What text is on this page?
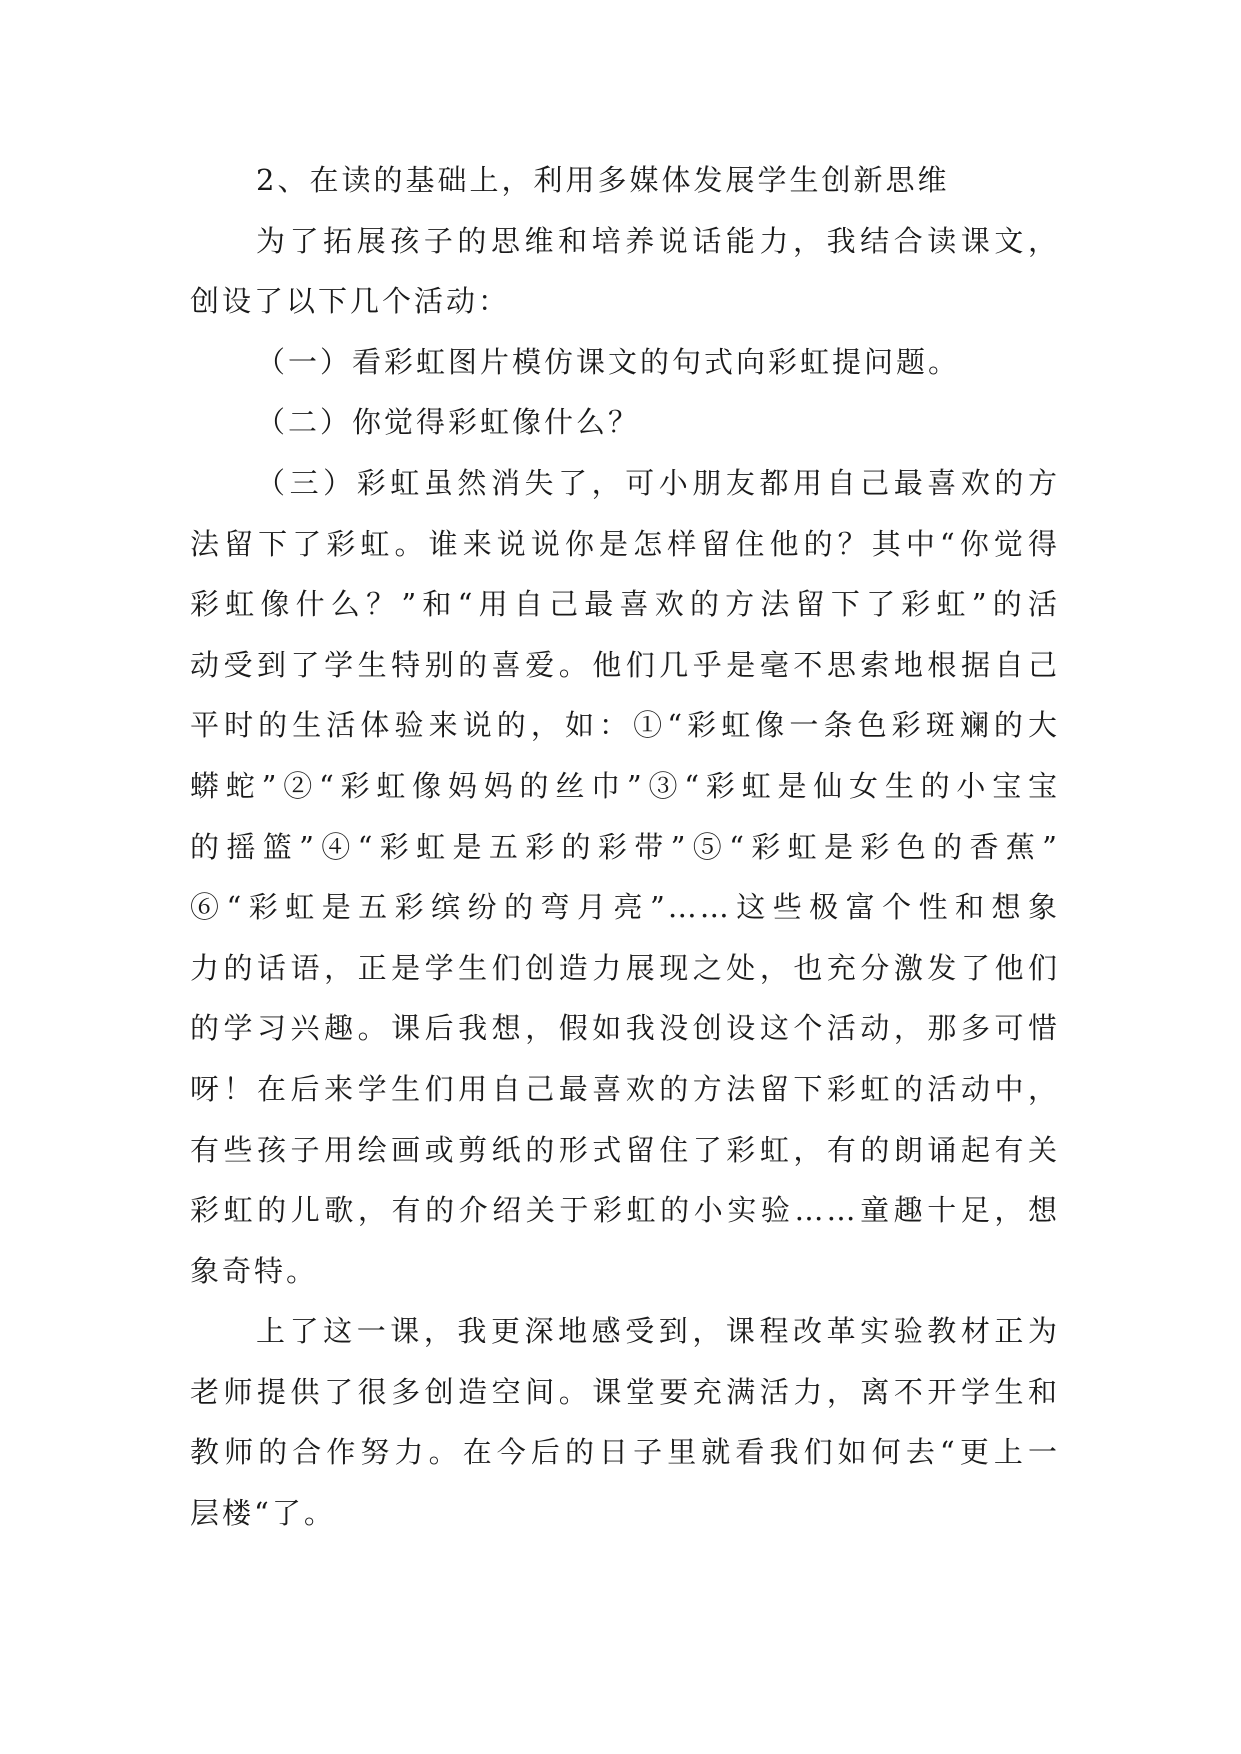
2、在读的基础上，利用多媒体发展学生创新思维
为了拓展孩子的思维和培养说话能力，我结合读课文，
创设了以下几个活动：
（一）看彩虹图片模仿课文的句式向彩虹提问题。
（二）你觉得彩虹像什么？
（三）彩虹虽然消失了，可小朋友都用自己最喜欢的方
法留下了彩虹。谁来说说你是怎样留住他的？其中“你觉得
彩虹像什么？”和“用自己最喜欢的方法留下了彩虹”的活
动受到了学生特别的喜爱。他们几乎是毫不思索地根据自己
平时的生活体验来说的，如：①“彩虹像一条色彩斑斓的大
蟒蛇”②“彩虹像妈妈的丝巾”③“彩虹是仙女生的小宝宝
的摇篮”④“彩虹是五彩的彩带”⑤“彩虹是彩色的香蕉”
⑥“彩虹是五彩缤纷的弯月亮”……这些极富个性和想象
力的话语，正是学生们创造力展现之处，也充分激发了他们
的学习兴趣。课后我想，假如我没创设这个活动，那多可惜
呀！在后来学生们用自己最喜欢的方法留下彩虹的活动中，
有些孩子用绘画或剪纸的形式留住了彩虹，有的朗诵起有关
彩虹的儿歌，有的介绍关于彩虹的小实验……童趣十足，想
象奇特。
上了这一课，我更深地感受到，课程改革实验教材正为
老师提供了很多创造空间。课堂要充满活力，离不开学生和
教师的合作努力。在今后的日子里就看我们如何去“更上一
层楼“了。
